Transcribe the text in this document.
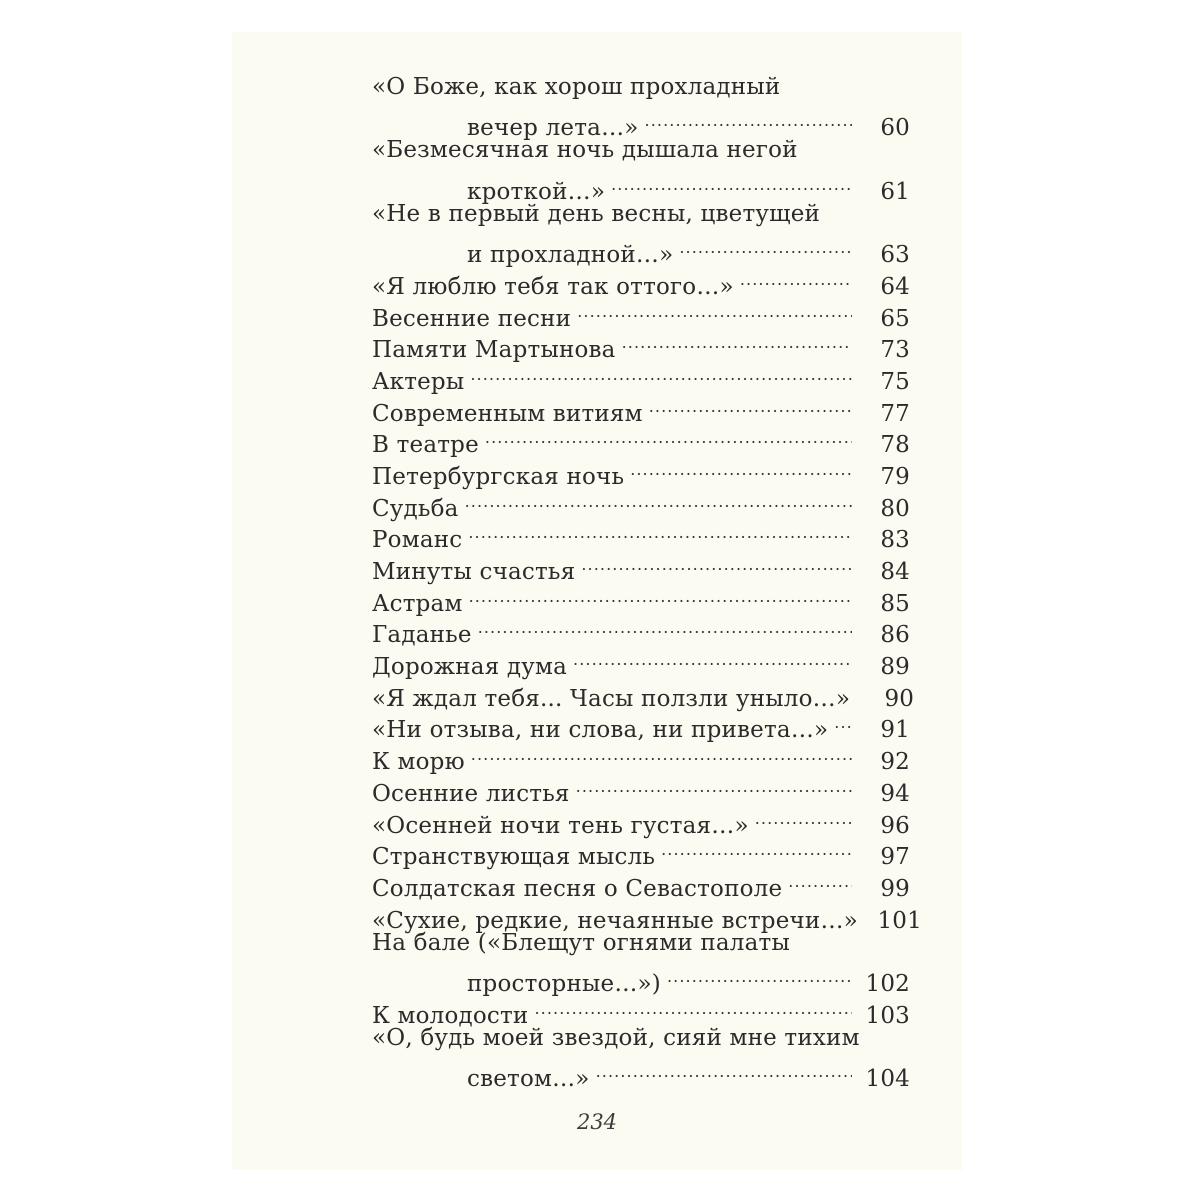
«О Боже, как хорош прохладный
вечер лета…» .....	60
«Безмесячная ночь дышала негой
кроткой…» .....	61
«Не в первый день весны, цветущей
и прохладной…» .....	63
«Я люблю тебя так оттого…» .....	64
Весенние песни .....	65
Памяти Мартынова .....	73
Актеры .....	75
Современным витиям .....	77
В театре .....	78
Петербургская ночь .....	79
Судьба .....	80
Романс .....	83
Минуты счастья .....	84
Астрам .....	85
Гаданье .....	86
Дорожная дума .....	89
«Я ждал тебя... Часы ползли уныло…»	90
«Ни отзыва, ни слова, ни привета…» .....	91
К морю .....	92
Осенние листья .....	94
«Осенней ночи тень густая…» .....	96
Странствующая мысль .....	97
Солдатская песня о Севастополе .....	99
«Сухие, редкие, нечаянные встречи…» 101
На бале («Блещут огнями палаты
просторные…») .....	102
К молодости .....	103
«О, будь моей звездой, сияй мне тихим
светом…» .....	104
234
